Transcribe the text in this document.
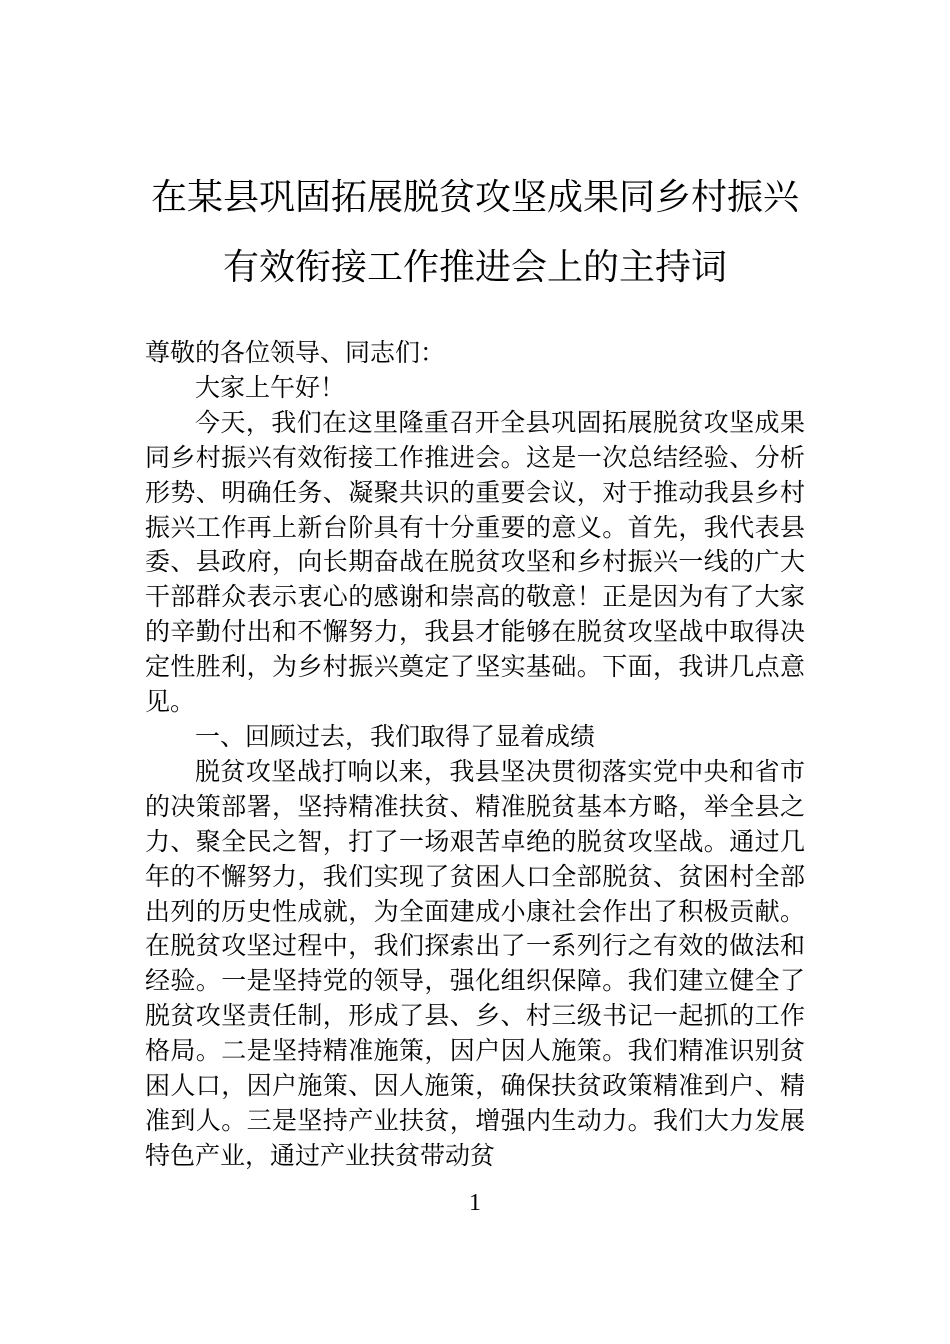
在某县巩固拓展脱贫攻坚成果同乡村振兴
有效衔接工作推进会上的主持词

尊敬的各位领导、同志们：

大家上午好！

今天，我们在这里隆重召开全县巩固拓展脱贫攻坚成果同乡村振兴有效衔接工作推进会。这是一次总结经验、分析形势、明确任务、凝聚共识的重要会议，对于推动我县乡村振兴工作再上新台阶具有十分重要的意义。首先，我代表县委、县政府，向长期奋战在脱贫攻坚和乡村振兴一线的广大干部群众表示衷心的感谢和崇高的敬意！正是因为有了大家的辛勤付出和不懈努力，我县才能够在脱贫攻坚战中取得决定性胜利，为乡村振兴奠定了坚实基础。下面，我讲几点意见。

一、回顾过去，我们取得了显着成绩

脱贫攻坚战打响以来，我县坚决贯彻落实党中央和省市的决策部署，坚持精准扶贫、精准脱贫基本方略，举全县之力、聚全民之智，打了一场艰苦卓绝的脱贫攻坚战。通过几年的不懈努力，我们实现了贫困人口全部脱贫、贫困村全部出列的历史性成就，为全面建成小康社会作出了积极贡献。在脱贫攻坚过程中，我们探索出了一系列行之有效的做法和经验。一是坚持党的领导，强化组织保障。我们建立健全了脱贫攻坚责任制，形成了县、乡、村三级书记一起抓的工作格局。二是坚持精准施策，因户因人施策。我们精准识别贫困人口，因户施策、因人施策，确保扶贫政策精准到户、精准到人。三是坚持产业扶贫，增强内生动力。我们大力发展特色产业，通过产业扶贫带动贫

1
